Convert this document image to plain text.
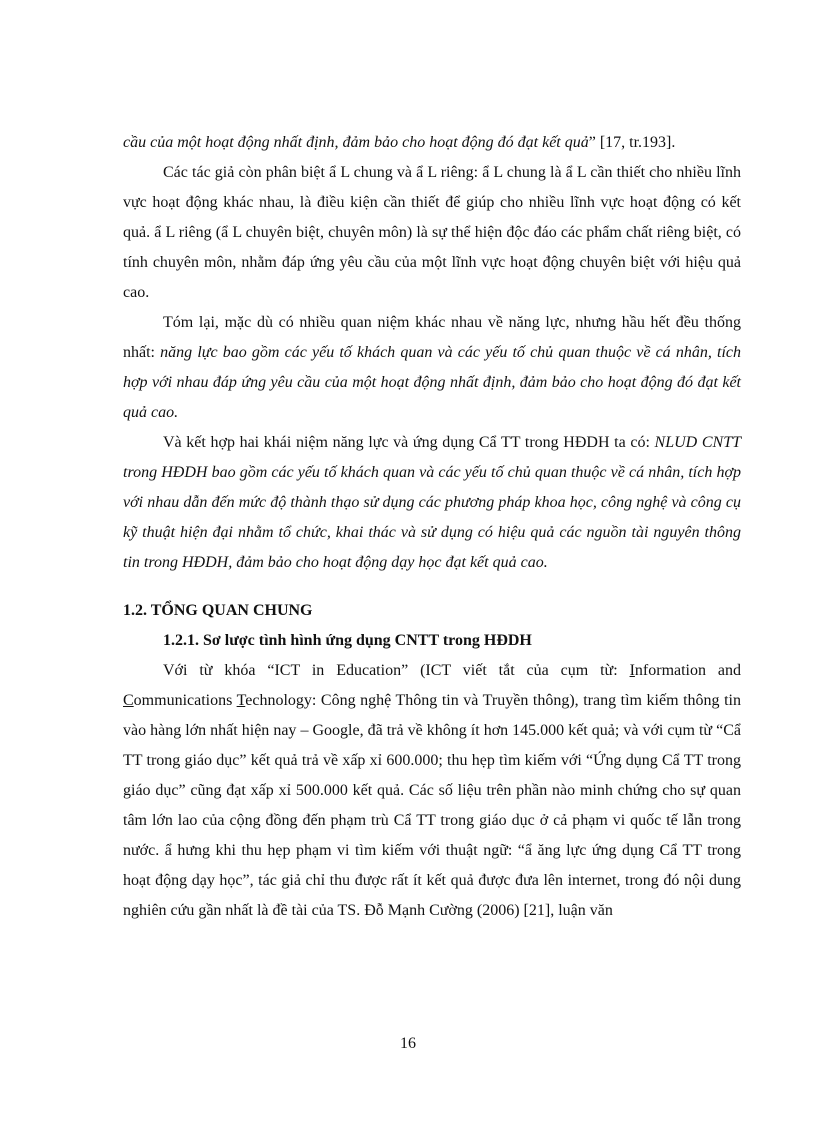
cầu của một hoạt động nhất định, đảm bảo cho hoạt động đó đạt kết quả” [17, tr.193].

Các tác giả còn phân biệt ẩ L chung và ẩ L riêng: ẩ L chung là ẩ L cần thiết cho nhiều lĩnh vực hoạt động khác nhau, là điều kiện cần thiết để giúp cho nhiều lĩnh vực hoạt động có kết quả. ẩ L riêng (ẩ L chuyên biệt, chuyên môn) là sự thể hiện độc đáo các phẩm chất riêng biệt, có tính chuyên môn, nhằm đáp ứng yêu cầu của một lĩnh vực hoạt động chuyên biệt với hiệu quả cao.

Tóm lại, mặc dù có nhiều quan niệm khác nhau về năng lực, nhưng hầu hết đều thống nhất: năng lực bao gồm các yếu tố khách quan và các yếu tố chủ quan thuộc về cá nhân, tích hợp với nhau đáp ứng yêu cầu của một hoạt động nhất định, đảm bảo cho hoạt động đó đạt kết quả cao.

Và kết hợp hai khái niệm năng lực và ứng dụng Cẩ TT trong HĐDH ta có: NLUD CNTT trong HĐDH bao gồm các yếu tố khách quan và các yếu tố chủ quan thuộc về cá nhân, tích hợp với nhau dẫn đến mức độ thành thạo sử dụng các phương pháp khoa học, công nghệ và công cụ kỹ thuật hiện đại nhằm tổ chức, khai thác và sử dụng có hiệu quả các nguồn tài nguyên thông tin trong HĐDH, đảm bảo cho hoạt động dạy học đạt kết quả cao.

1.2. TỔNG QUAN CHUNG
1.2.1. Sơ lược tình hình ứng dụng CNTT trong HĐDH

Với từ khóa “ICT in Education” (ICT viết tắt của cụm từ: Information and Communications Technology: Công nghệ Thông tin và Truyền thông), trang tìm kiếm thông tin vào hàng lớn nhất hiện nay – Google, đã trả về không ít hơn 145.000 kết quả; và với cụm từ “Cẩ TT trong giáo dục” kết quả trả về xấp xỉ 600.000; thu hẹp tìm kiếm với “Ứng dụng Cẩ TT trong giáo dục” cũng đạt xấp xỉ 500.000 kết quả. Các số liệu trên phần nào minh chứng cho sự quan tâm lớn lao của cộng đồng đến phạm trù Cẩ TT trong giáo dục ở cả phạm vi quốc tế lẫn trong nước. ẩ hưng khi thu hẹp phạm vi tìm kiếm với thuật ngữ: “ẩ ăng lực ứng dụng Cẩ TT trong hoạt động dạy học”, tác giả chỉ thu được rất ít kết quả được đưa lên internet, trong đó nội dung nghiên cứu gần nhất là đề tài của TS. Đỗ Mạnh Cường (2006) [21], luận văn

16
